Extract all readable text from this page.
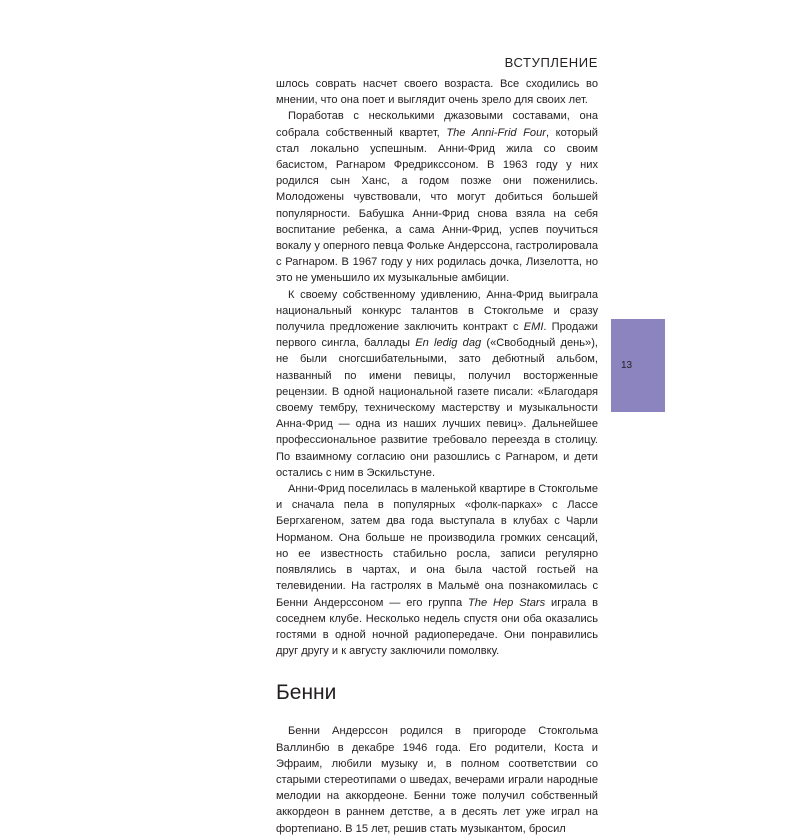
ВСТУПЛЕНИЕ

шлось соврать насчет своего возраста. Все сходились во мнении, что она поет и выглядит очень зрело для своих лет.

Поработав с несколькими джазовыми составами, она собрала собственный квартет, The Anni-Frid Four, который стал локально успешным. Анни-Фрид жила со своим басистом, Рагнаром Фредрикссоном. В 1963 году у них родился сын Ханс, а годом позже они поженились. Молодожены чувствовали, что могут добиться большей популярности. Бабушка Анни-Фрид снова взяла на себя воспитание ребенка, а сама Анни-Фрид, успев поучиться вокалу у оперного певца Фольке Андерссона, гастролировала с Рагнаром. В 1967 году у них родилась дочка, Лизелотта, но это не уменьшило их музыкальные амбиции.

К своему собственному удивлению, Анна-Фрид выиграла национальный конкурс талантов в Стокгольме и сразу получила предложение заключить контракт с EMI. Продажи первого сингла, баллады En ledig dag («Свободный день»), не были сногсшибательными, зато дебютный альбом, названный по имени певицы, получил восторженные рецензии. В одной национальной газете писали: «Благодаря своему тембру, техническому мастерству и музыкальности Анна-Фрид — одна из наших лучших певиц». Дальнейшее профессиональное развитие требовало переезда в столицу. По взаимному согласию они разошлись с Рагнаром, и дети остались с ним в Эскильстуне.

Анни-Фрид поселилась в маленькой квартире в Стокгольме и сначала пела в популярных «фолк-парках» с Лассе Бергхагеном, затем два года выступала в клубах с Чарли Норманом. Она больше не производила громких сенсаций, но ее известность стабильно росла, записи регулярно появлялись в чартах, и она была частой гостьей на телевидении. На гастролях в Мальмё она познакомилась с Бенни Андерссоном — его группа The Hep Stars играла в соседнем клубе. Несколько недель спустя они оба оказались гостями в одной ночной радиопередаче. Они понравились друг другу и к августу заключили помолвку.

Бенни

Бенни Андерссон родился в пригороде Стокгольма Валлинбю в декабре 1946 года. Его родители, Коста и Эфраим, любили музыку и, в полном соответствии со старыми стереотипами о шведах, вечерами играли народные мелодии на аккордеоне. Бенни тоже получил собственный аккордеон в раннем детстве, а в десять лет уже играл на фортепиано. В 15 лет, решив стать музыкантом, бросил

13
